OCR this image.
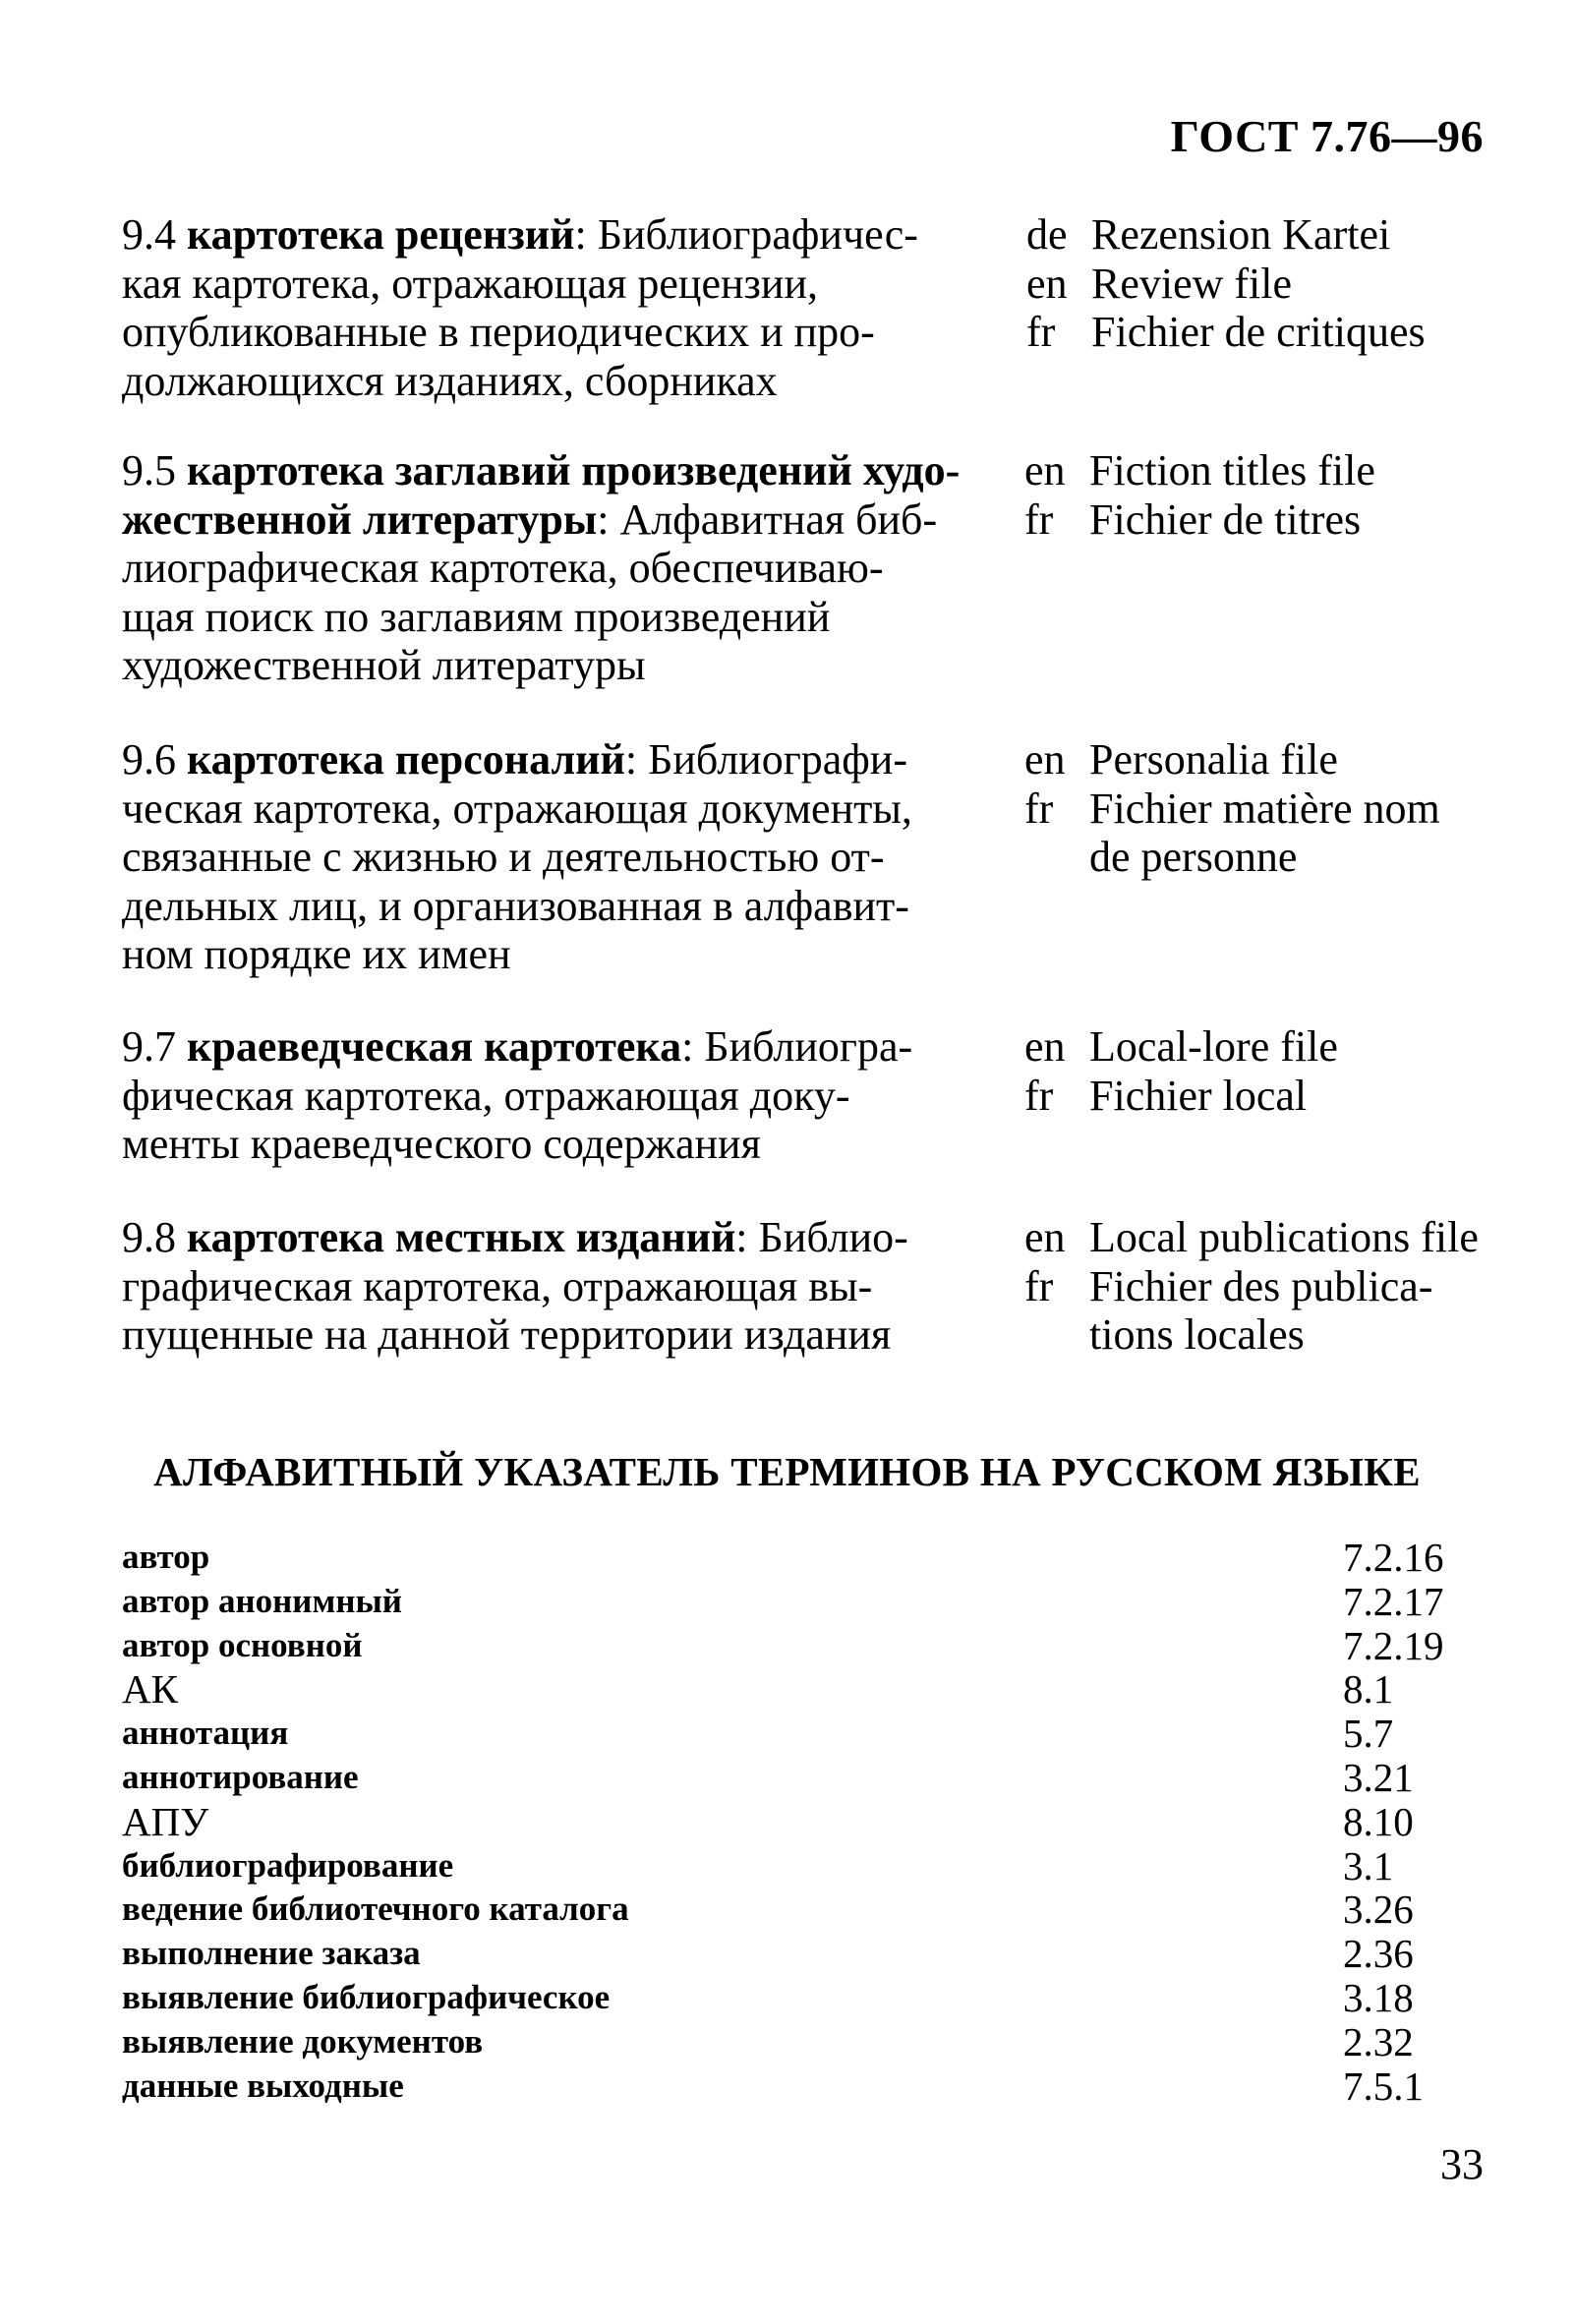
ГОСТ 7.76—96
9.4 картотека рецензий: Библиографичес-
кая картотека, отражающая рецензии,
опубликованные в периодических и про-
должающихся изданиях, сборниках
de Rezension Kartei
en Review file
fr Fichier de critiques
9.5 картотека заглавий произведений худо-
жественной литературы: Алфавитная биб-
лиографическая картотека, обеспечиваю-
щая поиск по заглавиям произведений
художественной литературы
en Fiction titles file
fr Fichier de titres
9.6 картотека персоналий: Библиографи-
ческая картотека, отражающая документы,
связанные с жизнью и деятельностью от-
дельных лиц, и организованная в алфавит-
ном порядке их имен
en Personalia file
fr Fichier matière nom
de personne
9.7 краеведческая картотека: Библиогра-
фическая картотека, отражающая доку-
менты краеведческого содержания
en Local-lore file
fr Fichier local
9.8 картотека местных изданий: Библио-
графическая картотека, отражающая вы-
пущенные на данной территории издания
en Local publications file
fr Fichier des publica-
tions locales
АЛФАВИТНЫЙ УКАЗАТЕЛЬ ТЕРМИНОВ НА РУССКОМ ЯЗЫКЕ
автор	7.2.16
автор анонимный	7.2.17
автор основной	7.2.19
АК	8.1
аннотация	5.7
аннотирование	3.21
АПУ	8.10
библиографирование	3.1
ведение библиотечного каталога	3.26
выполнение заказа	2.36
выявление библиографическое	3.18
выявление документов	2.32
данные выходные	7.5.1
33
